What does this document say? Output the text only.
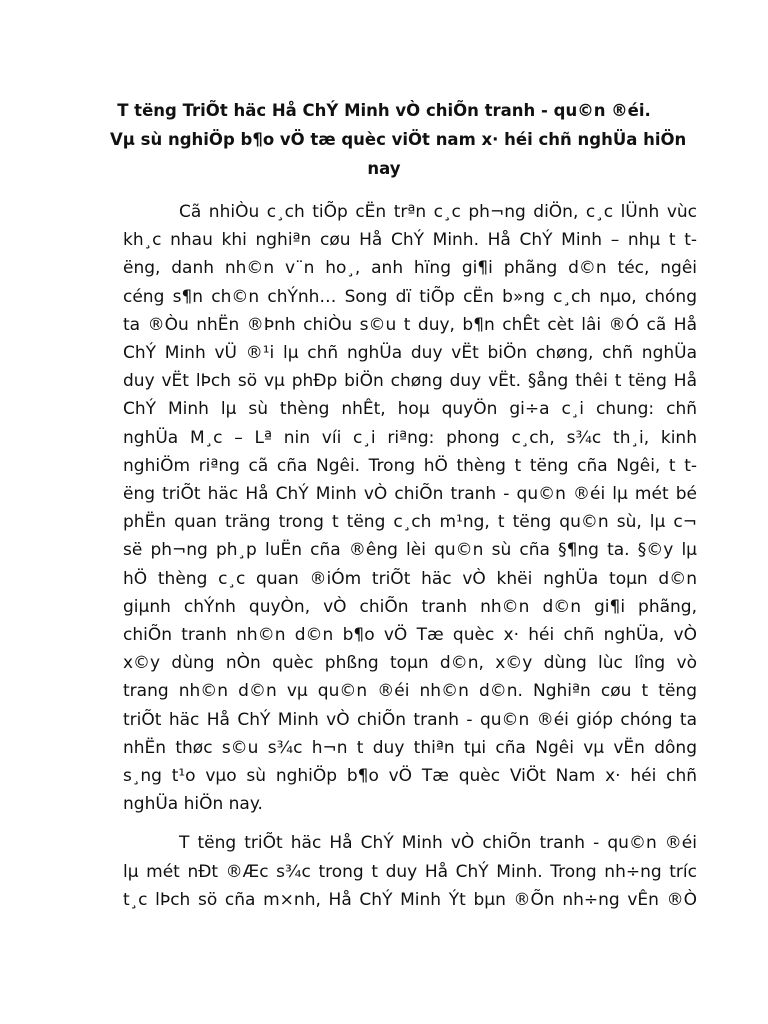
T tëng TriÕt häc Hå ChÝ Minh vÒ chiÕn tranh - qu©n ®éi.
Vµ sù nghiÖp b¶o vÖ tæ quèc viÖt nam x· héi chñ nghÜa hiÖn
nay

Cã nhiÒu c¸ch tiÕp cËn trªn c¸c ph¬ng diÖn, c¸c lÜnh vùc
kh¸c nhau khi nghiªn cøu Hå ChÝ Minh. Hå ChÝ Minh – nhµ t t-
ëng, danh nh©n v¨n ho¸, anh hïng gi¶i phãng d©n téc, ngêi
céng s¶n ch©n chÝnh… Song dï tiÕp cËn b»ng c¸ch nµo, chóng
ta ®Òu nhËn ®Þnh chiÒu s©u t duy, b¶n chÊt cèt lâi ®Ó cã Hå
ChÝ Minh vÜ ®¹i lµ chñ nghÜa duy vËt biÖn chøng, chñ nghÜa
duy vËt lÞch sö vµ phÐp biÖn chøng duy vËt. §ång thêi t tëng Hå
ChÝ Minh lµ sù thèng nhÊt, hoµ quyÖn gi÷a c¸i chung: chñ
nghÜa M¸c – Lª nin víi c¸i riªng: phong c¸ch, s¾c th¸i, kinh
nghiÖm riªng cã cña Ngêi. Trong hÖ thèng t tëng cña Ngêi, t t-
ëng triÕt häc Hå ChÝ Minh vÒ chiÕn tranh - qu©n ®éi lµ mét bé
phËn quan träng trong t tëng c¸ch m¹ng, t tëng qu©n sù, lµ c¬
së ph¬ng ph¸p luËn cña ®êng lèi qu©n sù cña §¶ng ta. §©y lµ
hÖ thèng c¸c quan ®iÓm triÕt häc vÒ khëi nghÜa toµn d©n
giµnh chÝnh quyÒn, vÒ chiÕn tranh nh©n d©n gi¶i phãng,
chiÕn tranh nh©n d©n b¶o vÖ Tæ quèc x· héi chñ nghÜa, vÒ
x©y dùng nÒn quèc phßng toµn d©n, x©y dùng lùc lîng vò
trang nh©n d©n vµ qu©n ®éi nh©n d©n. Nghiªn cøu t tëng
triÕt häc Hå ChÝ Minh vÒ chiÕn tranh - qu©n ®éi gióp chóng ta
nhËn thøc s©u s¾c h¬n t duy thiªn tµi cña Ngêi vµ vËn dông
s¸ng t¹o vµo sù nghiÖp b¶o vÖ Tæ quèc ViÖt Nam x· héi chñ
nghÜa hiÖn nay.

T tëng triÕt häc Hå ChÝ Minh vÒ chiÕn tranh - qu©n ®éi
lµ mét nÐt ®Æc s¾c trong t duy Hå ChÝ Minh. Trong nh÷ng tríc
t¸c lÞch sö cña m×nh, Hå ChÝ Minh Ýt bµn ®Õn nh÷ng vÊn ®Ò
